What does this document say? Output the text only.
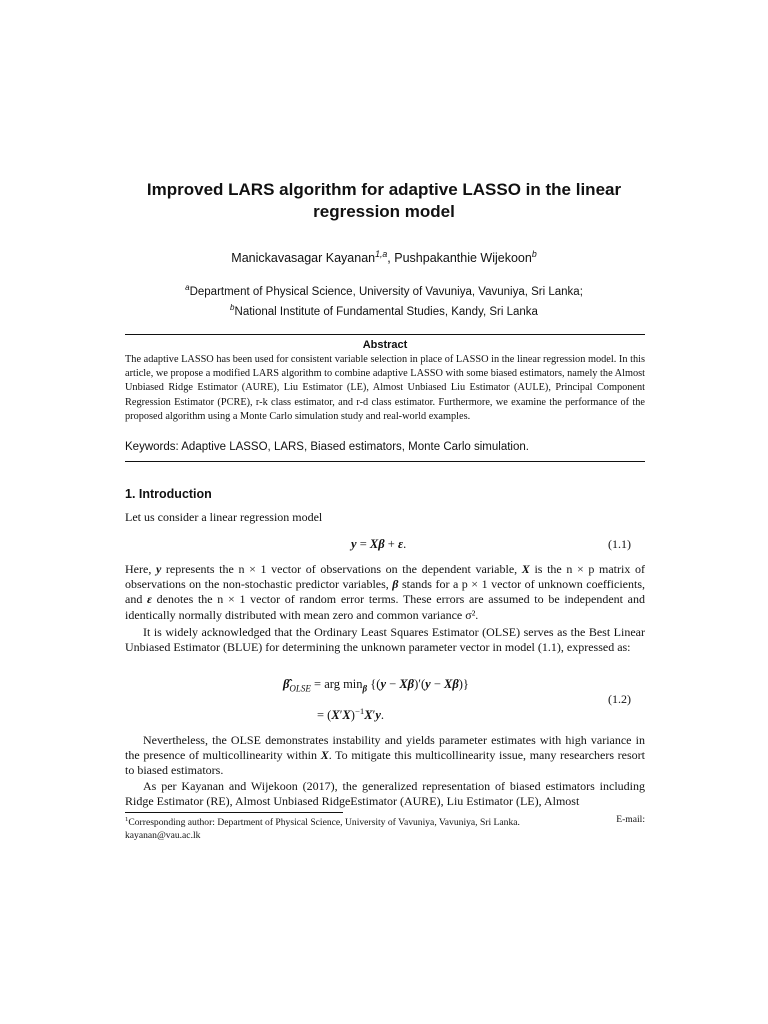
Improved LARS algorithm for adaptive LASSO in the linear
regression model
Manickavasagar Kayanan$^{1,a}$, Pushpakanthie Wijekoon$^b$
$^a$Department of Physical Science, University of Vavuniya, Vavuniya, Sri Lanka;
$^b$National Institute of Fundamental Studies, Kandy, Sri Lanka
Abstract
The adaptive LASSO has been used for consistent variable selection in place of LASSO in the linear regression model. In this article, we propose a modified LARS algorithm to combine adaptive LASSO with some biased estimators, namely the Almost Unbiased Ridge Estimator (AURE), Liu Estimator (LE), Almost Unbiased Liu Estimator (AULE), Principal Component Regression Estimator (PCRE), r-k class estimator, and r-d class estimator. Furthermore, we examine the performance of the proposed algorithm using a Monte Carlo simulation study and real-world examples.
Keywords: Adaptive LASSO, LARS, Biased estimators, Monte Carlo simulation.
1. Introduction
Let us consider a linear regression model
y = Xβ + ε.	(1.1)
Here, y represents the n × 1 vector of observations on the dependent variable, X is the n × p matrix of observations on the non-stochastic predictor variables, β stands for a p × 1 vector of unknown coefficients, and ε denotes the n × 1 vector of random error terms. These errors are assumed to be independent and identically normally distributed with mean zero and common variance σ².
It is widely acknowledged that the Ordinary Least Squares Estimator (OLSE) serves as the Best Linear Unbiased Estimator (BLUE) for determining the unknown parameter vector in model (1.1), expressed as:
$\betâ_{OLSE}$ = arg $\min_\beta \{(y - X\beta)'(y - X\beta)\}$
= $(X'X)^{-1}X'y$.
(1.2)
Nevertheless, the OLSE demonstrates instability and yields parameter estimates with high variance in the presence of multicollinearity within X. To mitigate this multicollinearity issue, many researchers resort to biased estimators.
As per Kayanan and Wijekoon (2017), the generalized representation of biased estimators including Ridge Estimator (RE), Almost Unbiased RidgeEstimator (AURE), Liu Estimator (LE), Almost
$^1$Corresponding author: Department of Physical Science, University of Vavuniya, Vavuniya, Sri Lanka.	E-mail:
kayanan@vau.ac.lk
